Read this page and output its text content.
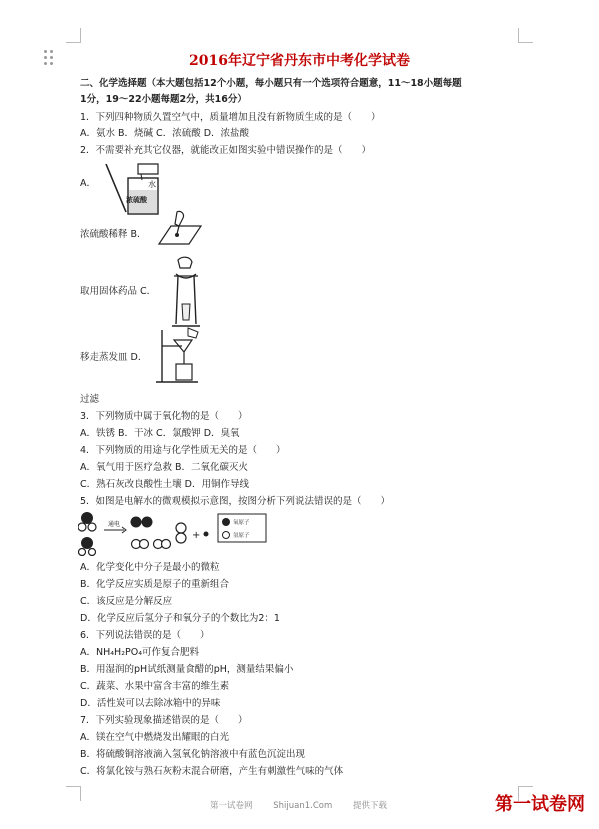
2016年辽宁省丹东市中考化学试卷
二、化学选择题（本大题包括12个小题，每小题只有一个选项符合题意，11～18小题每题
1分，19～22小题每题2分，共16分）
1．下列四种物质久置空气中，质量增加且没有新物质生成的是（　　）
A．氨水 B．烧碱 C．浓硫酸 D．浓盐酸
2．不需要补充其它仪器，就能改正如图实验中错误操作的是（　　）
A．	水
浓硫酸
浓硫酸稀释 B．
取用固体药品 C．
移走蒸发皿 D．
过滤
3．下列物质中属于氧化物的是（　　）
A．铁锈 B．干冰 C．氯酸钾 D．臭氧
4．下列物质的用途与化学性质无关的是（　　）
A．氧气用于医疗急救 B．二氧化碳灭火
C．熟石灰改良酸性土壤 D．用铜作导线
5．如图是电解水的微观模拟示意图，按图分析下列说法错误的是（　　）
通电
+
氧原子
氢原子
A．化学变化中分子是最小的微粒
B．化学反应实质是原子的重新组合
C．该反应是分解反应
D．化学反应后氢分子和氧分子的个数比为2：1
6．下列说法错误的是（　　）
A．NH₄H₂PO₄可作复合肥料
B．用湿润的pH试纸测量食醋的pH，测量结果偏小
C．蔬菜、水果中富含丰富的维生素
D．活性炭可以去除冰箱中的异味
7．下列实验现象描述错误的是（　　）
A．镁在空气中燃烧发出耀眼的白光
B．将硫酸铜溶液滴入氢氧化钠溶液中有蓝色沉淀出现
C．将氯化铵与熟石灰粉末混合研磨，产生有刺激性气味的气体
第一试卷网 Shijuan1.Com 提供下载	第一试卷网
